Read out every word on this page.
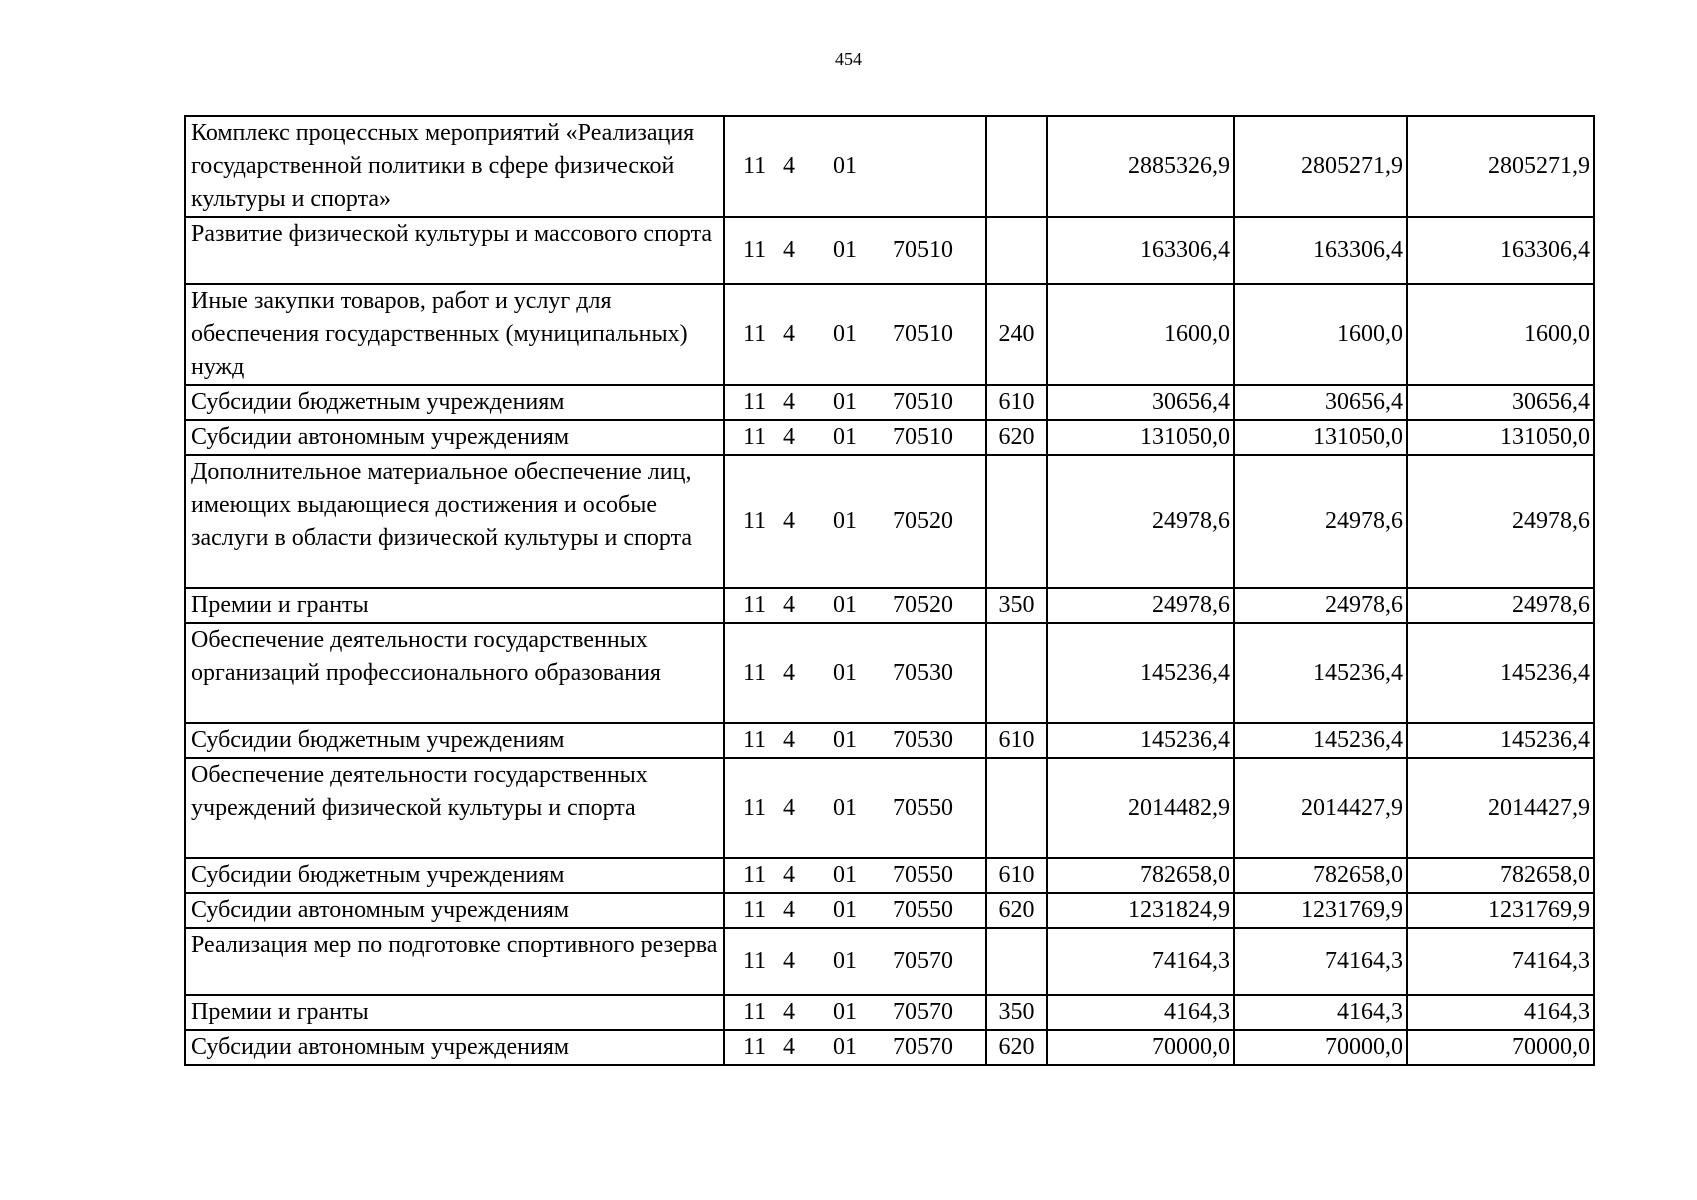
454
Комплекс процессных мероприятий «Реализация государственной политики в сфере физической культуры и спорта»	11 4 01		2885326,9	2805271,9	2805271,9
Развитие физической культуры и массового спорта	11 4 01 70510		163306,4	163306,4	163306,4
Иные закупки товаров, работ и услуг для обеспечения государственных (муниципальных) нужд	11 4 01 70510	240	1600,0	1600,0	1600,0
Субсидии бюджетным учреждениям	11 4 01 70510	610	30656,4	30656,4	30656,4
Субсидии автономным учреждениям	11 4 01 70510	620	131050,0	131050,0	131050,0
Дополнительное материальное обеспечение лиц, имеющих выдающиеся достижения и особые заслуги в области физической культуры и спорта	11 4 01 70520		24978,6	24978,6	24978,6
Премии и гранты	11 4 01 70520	350	24978,6	24978,6	24978,6
Обеспечение деятельности государственных организаций профессионального образования	11 4 01 70530		145236,4	145236,4	145236,4
Субсидии бюджетным учреждениям	11 4 01 70530	610	145236,4	145236,4	145236,4
Обеспечение деятельности государственных учреждений физической культуры и спорта	11 4 01 70550		2014482,9	2014427,9	2014427,9
Субсидии бюджетным учреждениям	11 4 01 70550	610	782658,0	782658,0	782658,0
Субсидии автономным учреждениям	11 4 01 70550	620	1231824,9	1231769,9	1231769,9
Реализация мер по подготовке спортивного резерва	11 4 01 70570		74164,3	74164,3	74164,3
Премии и гранты	11 4 01 70570	350	4164,3	4164,3	4164,3
Субсидии автономным учреждениям	11 4 01 70570	620	70000,0	70000,0	70000,0
